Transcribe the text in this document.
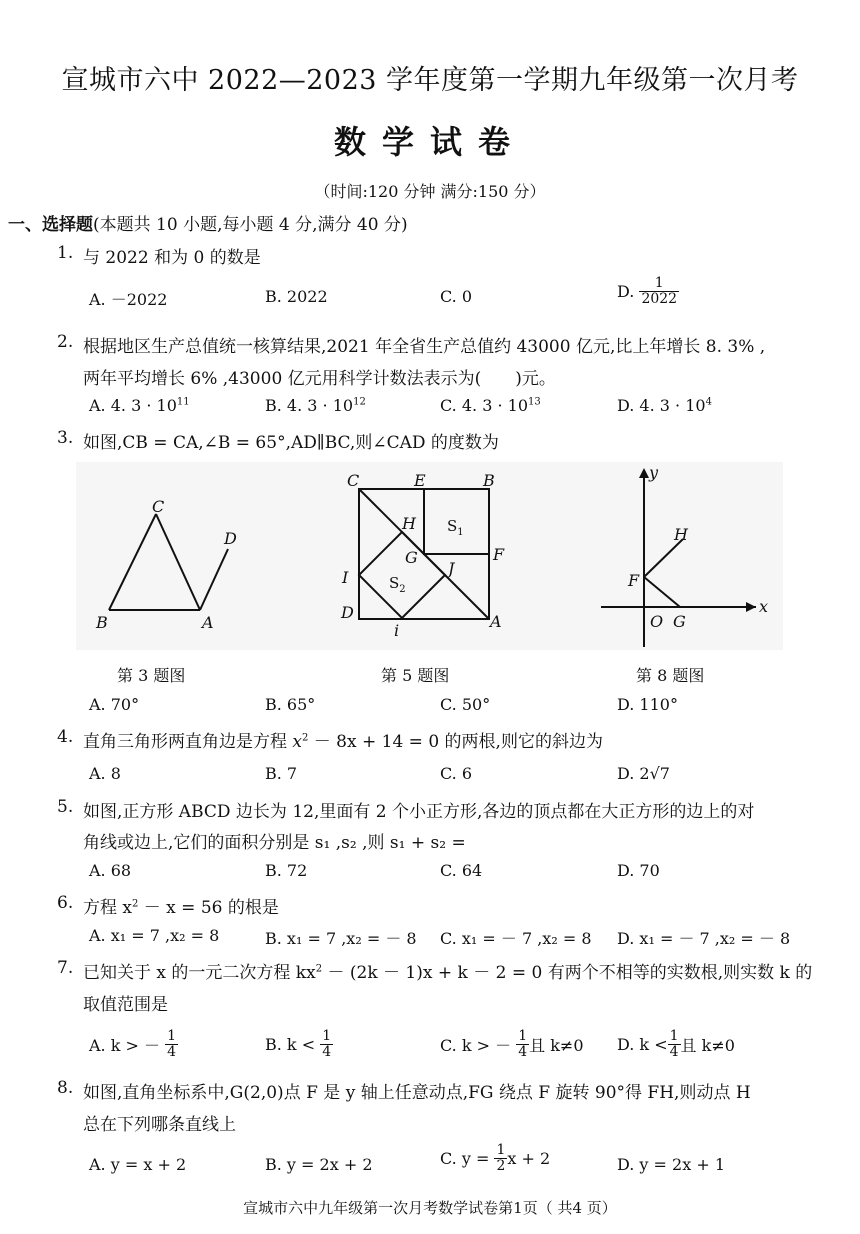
宣城市六中 2022—2023 学年度第一学期九年级第一次月考
数学试卷
（时间:120 分钟 满分:150 分）
一、选择题(本题共 10 小题,每小题 4 分,满分 40 分)
1. 与 2022 和为 0 的数是
A. －2022	B. 2022	C. 0	D. $\frac{1}{2022}$
2. 根据地区生产总值统一核算结果,2021 年全省生产总值约 43000 亿元,比上年增长 8. 3% ,
两年平均增长 6% ,43000 亿元用科学计数法表示为(　　)元。
A. 4. $3 \cdot 10^{11}$	B. 4. $3 \cdot 10^{12}$	C. 4. $3 \cdot 10^{13}$	D. 4. $3 \cdot 10^4$
3. 如图,CB = CA,∠B = 65°,AD∥BC,则∠CAD 的度数为
C
B	A
D
C	E	B
H
F
G
I	J
D
i	A
$S_1$
$S_2$
y
H
F
O G
x
第 3 题图	第 5 题图	第 8 题图
A. 70°	B. 65°	C. 50°	D. 110°
4. 直角三角形两直角边是方程 $x^2 - 8x + 14 = 0$ 的两根,则它的斜边为
A. 8	B. 7	C. 6	D. 2√7
5. 如图,正方形 ABCD 边长为 12,里面有 2 个小正方形,各边的顶点都在大正方形的边上的对
角线或边上,它们的面积分别是 s₁ ,s₂ ,则 s₁ + s₂ =
A. 68	B. 72	C. 64	D. 70
6. 方程 $x^2 - x = 56$ 的根是
A. x₁ = 7 ,x₂ = 8	B. x₁ = 7 ,x₂ = － 8 C. x₁ = － 7 ,x₂ = 8 D. x₁ = － 7 ,x₂ = － 8
7. 已知关于 x 的一元二次方程 $kx^2 - (2k - 1)x + k - 2 = 0$ 有两个不相等的实数根,则实数 k 的
取值范围是
A. k > － $\frac{1}{4}$	B. $k < \frac{1}{4}$	C. k > － $\frac{1}{4}$ 且 k≠0 D. $k < \frac{1}{4}$ 且 k≠0
8. 如图,直角坐标系中,G(2,0)点 F 是 y 轴上任意动点,FG 绕点 F 旋转 90°得 FH,则动点 H
总在下列哪条直线上
A. y = x + 2	B. y = 2x + 2	C. $y = \frac{1}{2}$ x + 2	D. y = 2x + 1
宣城市六中九年级第一次月考数学试卷第1页（ 共4 页）
